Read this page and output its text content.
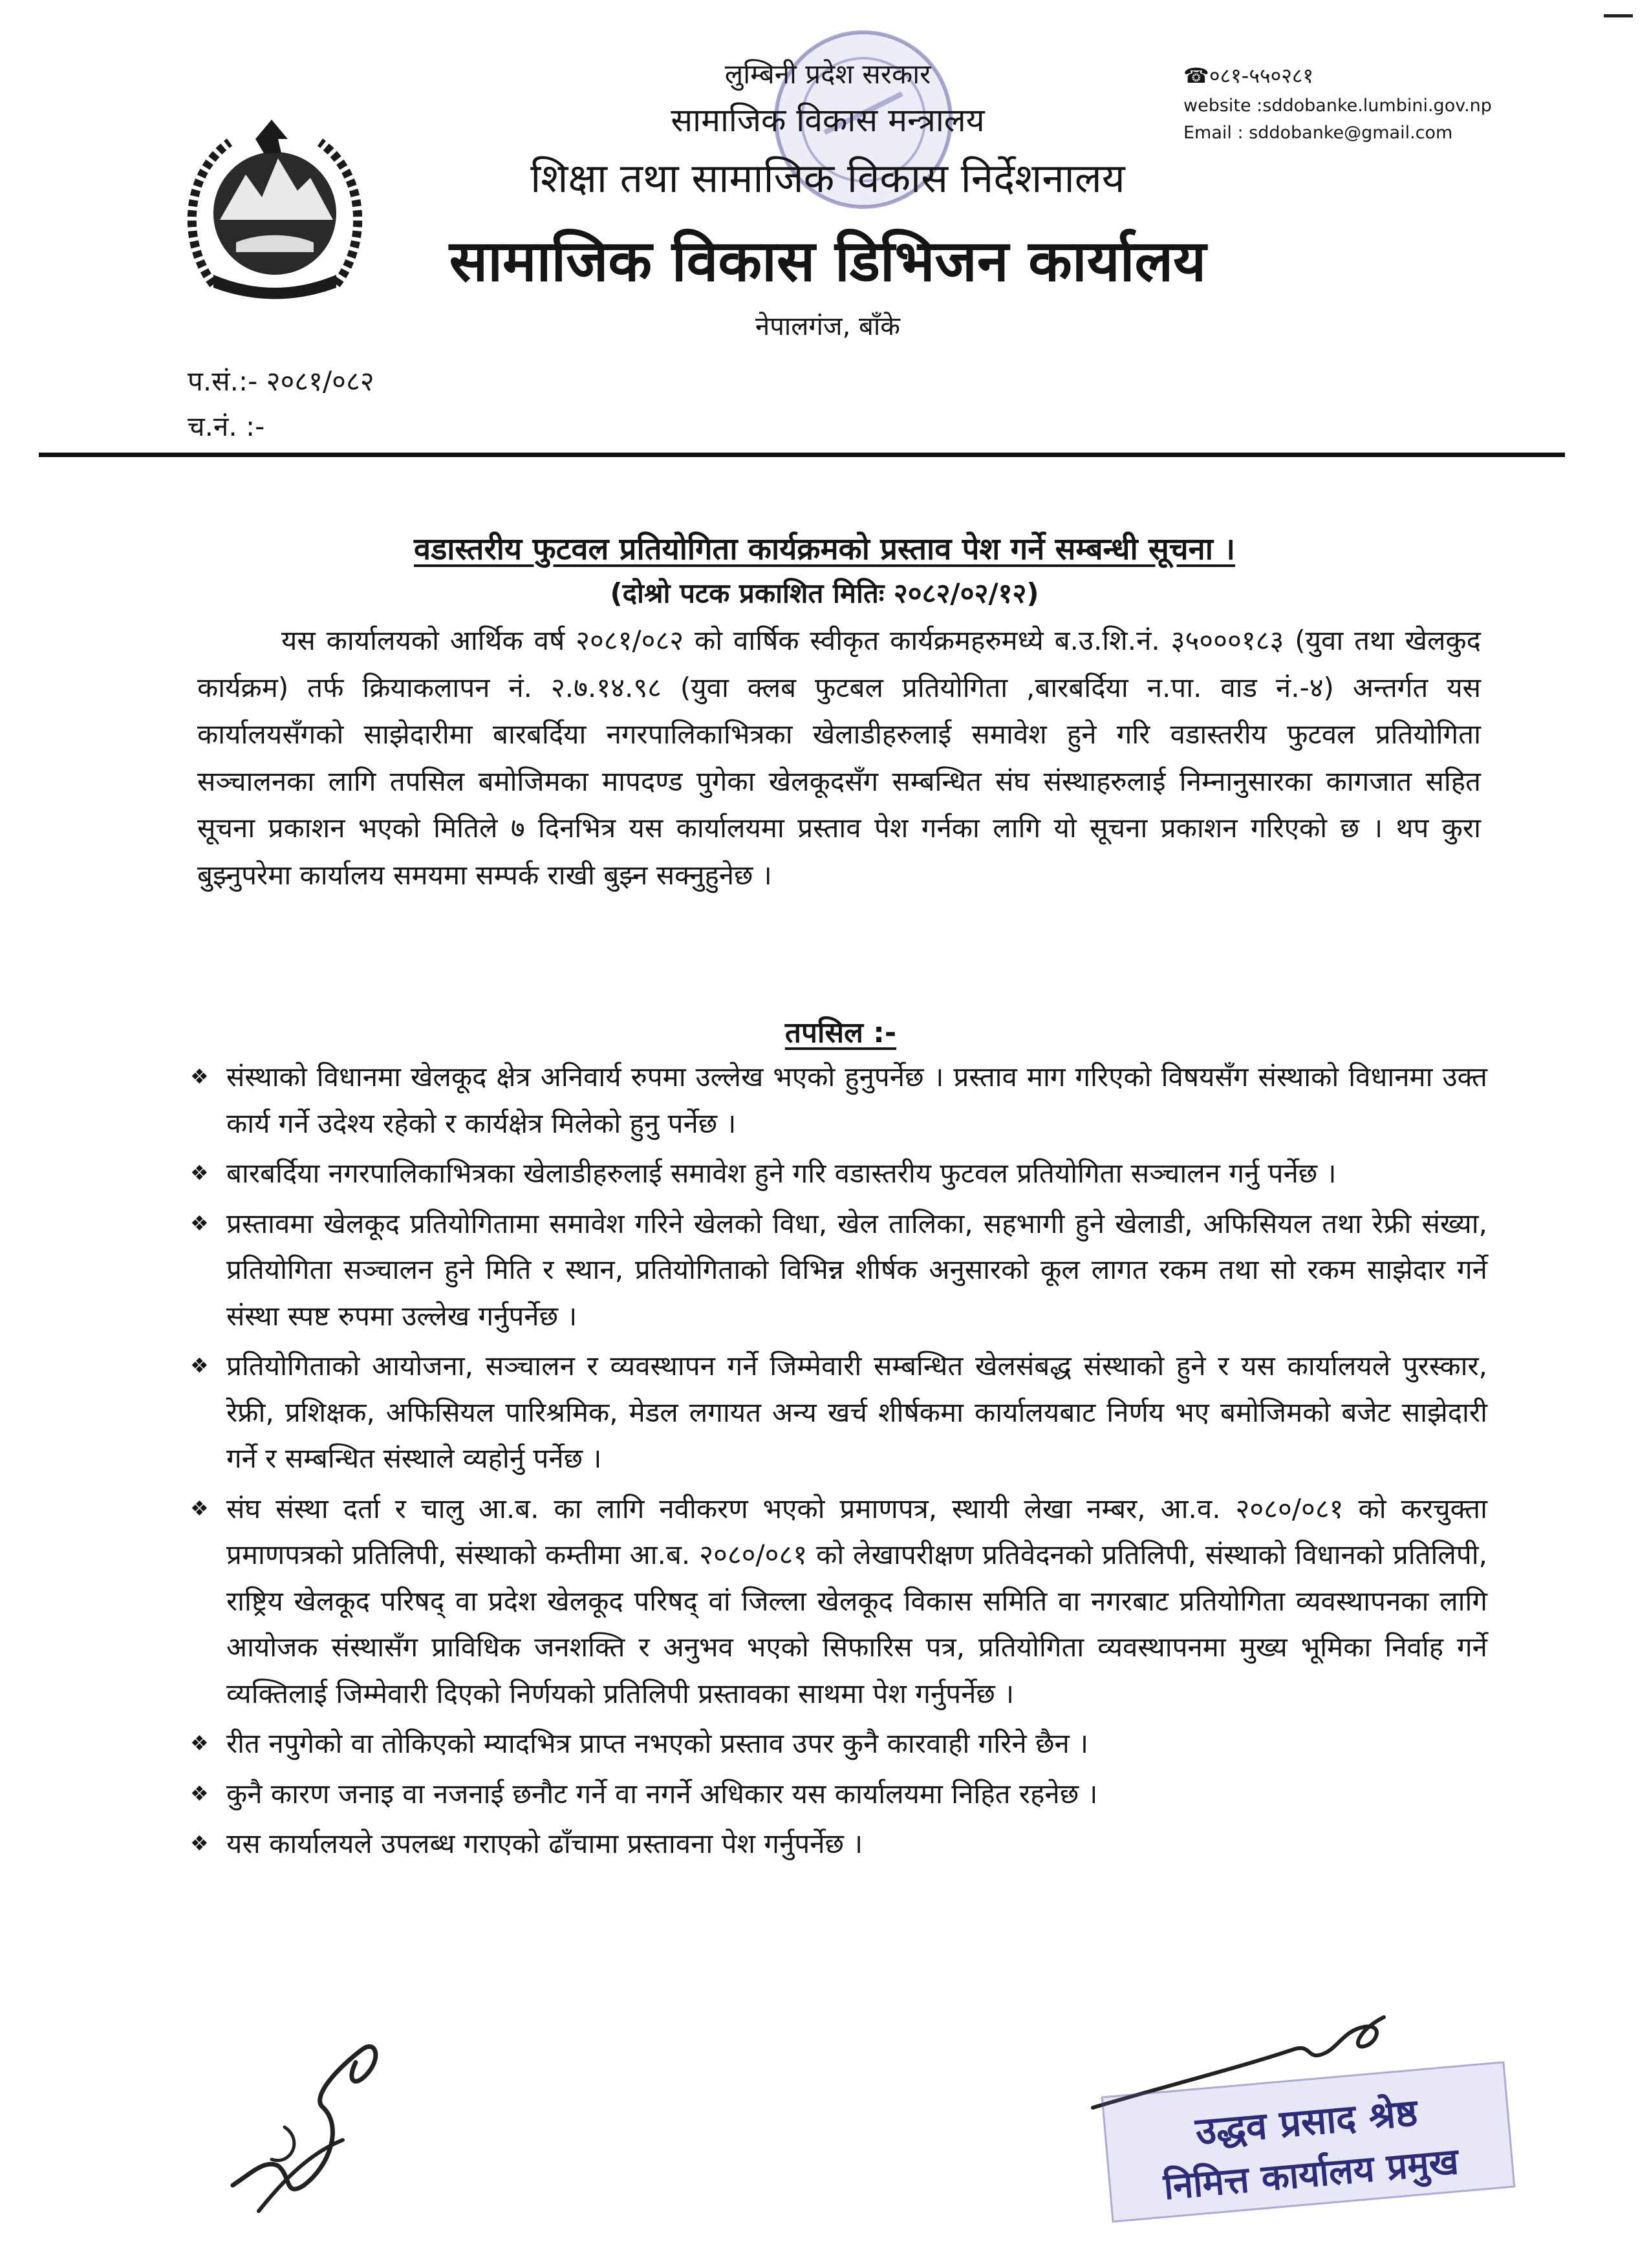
लुम्बिनी प्रदेश सरकार
सामाजिक विकास मन्त्रालय
शिक्षा तथा सामाजिक विकास निर्देशनालय
सामाजिक विकास डिभिजन कार्यालय
नेपालगंज, बाँके
☎०८१-५५०२८१
website :sddobanke.lumbini.gov.np
Email : sddobanke@gmail.com
प.सं.:- २०८१/०८२
च.नं. :-
वडास्तरीय फुटवल प्रतियोगिता कार्यक्रमको प्रस्ताव पेश गर्ने सम्बन्धी सूचना ।
(दोश्रो पटक प्रकाशित मितिः २०८२/०२/१२)

यस कार्यालयको आर्थिक वर्ष २०८१/०८२ को वार्षिक स्वीकृत कार्यक्रमहरुमध्ये ब.उ.शि.नं. ३५०००१८३ (युवा तथा खेलकुद कार्यक्रम) तर्फ क्रियाकलापन नं. २.७.१४.९८ (युवा क्लब फुटबल प्रतियोगिता ,बारबर्दिया न.पा. वाड नं.-४) अन्तर्गत यस कार्यालयसँगको साझेदारीमा बारबर्दिया नगरपालिकाभित्रका खेलाडीहरुलाई समावेश हुने गरि वडास्तरीय फुटवल प्रतियोगिता सञ्चालनका लागि तपसिल बमोजिमका मापदण्ड पुगेका खेलकूदसँग सम्बन्धित संघ संस्थाहरुलाई निम्नानुसारका कागजात सहित सूचना प्रकाशन भएको मितिले ७ दिनभित्र यस कार्यालयमा प्रस्ताव पेश गर्नका लागि यो सूचना प्रकाशन गरिएको छ । थप कुरा बुझ्नुपरेमा कार्यालय समयमा सम्पर्क राखी बुझ्न सक्नुहुनेछ ।

तपसिल :-
❖ संस्थाको विधानमा खेलकूद क्षेत्र अनिवार्य रुपमा उल्लेख भएको हुनुपर्नेछ । प्रस्ताव माग गरिएको विषयसँग संस्थाको विधानमा उक्त कार्य गर्ने उदेश्य रहेको र कार्यक्षेत्र मिलेको हुनु पर्नेछ ।
❖ बारबर्दिया नगरपालिकाभित्रका खेलाडीहरुलाई समावेश हुने गरि वडास्तरीय फुटवल प्रतियोगिता सञ्चालन गर्नु पर्नेछ ।
❖ प्रस्तावमा खेलकूद प्रतियोगितामा समावेश गरिने खेलको विधा, खेल तालिका, सहभागी हुने खेलाडी, अफिसियल तथा रेफ्री संख्या, प्रतियोगिता सञ्चालन हुने मिति र स्थान, प्रतियोगिताको विभिन्न शीर्षक अनुसारको कूल लागत रकम तथा सो रकम साझेदार गर्ने संस्था स्पष्ट रुपमा उल्लेख गर्नुपर्नेछ ।
❖ प्रतियोगिताको आयोजना, सञ्चालन र व्यवस्थापन गर्ने जिम्मेवारी सम्बन्धित खेलसंबद्ध संस्थाको हुने र यस कार्यालयले पुरस्कार, रेफ्री, प्रशिक्षक, अफिसियल पारिश्रमिक, मेडल लगायत अन्य खर्च शीर्षकमा कार्यालयबाट निर्णय भए बमोजिमको बजेट साझेदारी गर्ने र सम्बन्धित संस्थाले व्यहोर्नु पर्नेछ ।
❖ संघ संस्था दर्ता र चालु आ.ब. का लागि नवीकरण भएको प्रमाणपत्र, स्थायी लेखा नम्बर, आ.व. २०८०/०८१ को करचुक्ता प्रमाणपत्रको प्रतिलिपी, संस्थाको कम्तीमा आ.ब. २०८०/०८१ को लेखापरीक्षण प्रतिवेदनको प्रतिलिपी, संस्थाको विधानको प्रतिलिपी, राष्ट्रिय खेलकूद परिषद् वा प्रदेश खेलकूद परिषद् वां जिल्ला खेलकूद विकास समिति वा नगरबाट प्रतियोगिता व्यवस्थापनका लागि आयोजक संस्थासँग प्राविधिक जनशक्ति र अनुभव भएको सिफारिस पत्र, प्रतियोगिता व्यवस्थापनमा मुख्य भूमिका निर्वाह गर्ने व्यक्तिलाई जिम्मेवारी दिएको निर्णयको प्रतिलिपी प्रस्तावका साथमा पेश गर्नुपर्नेछ ।
❖ रीत नपुगेको वा तोकिएको म्यादभित्र प्राप्त नभएको प्रस्ताव उपर कुनै कारवाही गरिने छैन ।
❖ कुनै कारण जनाइ वा नजनाई छनौट गर्ने वा नगर्ने अधिकार यस कार्यालयमा निहित रहनेछ ।
❖ यस कार्यालयले उपलब्ध गराएको ढाँचामा प्रस्तावना पेश गर्नुपर्नेछ ।
उद्धव प्रसाद श्रेष्ठ
निमित्त कार्यालय प्रमुख
